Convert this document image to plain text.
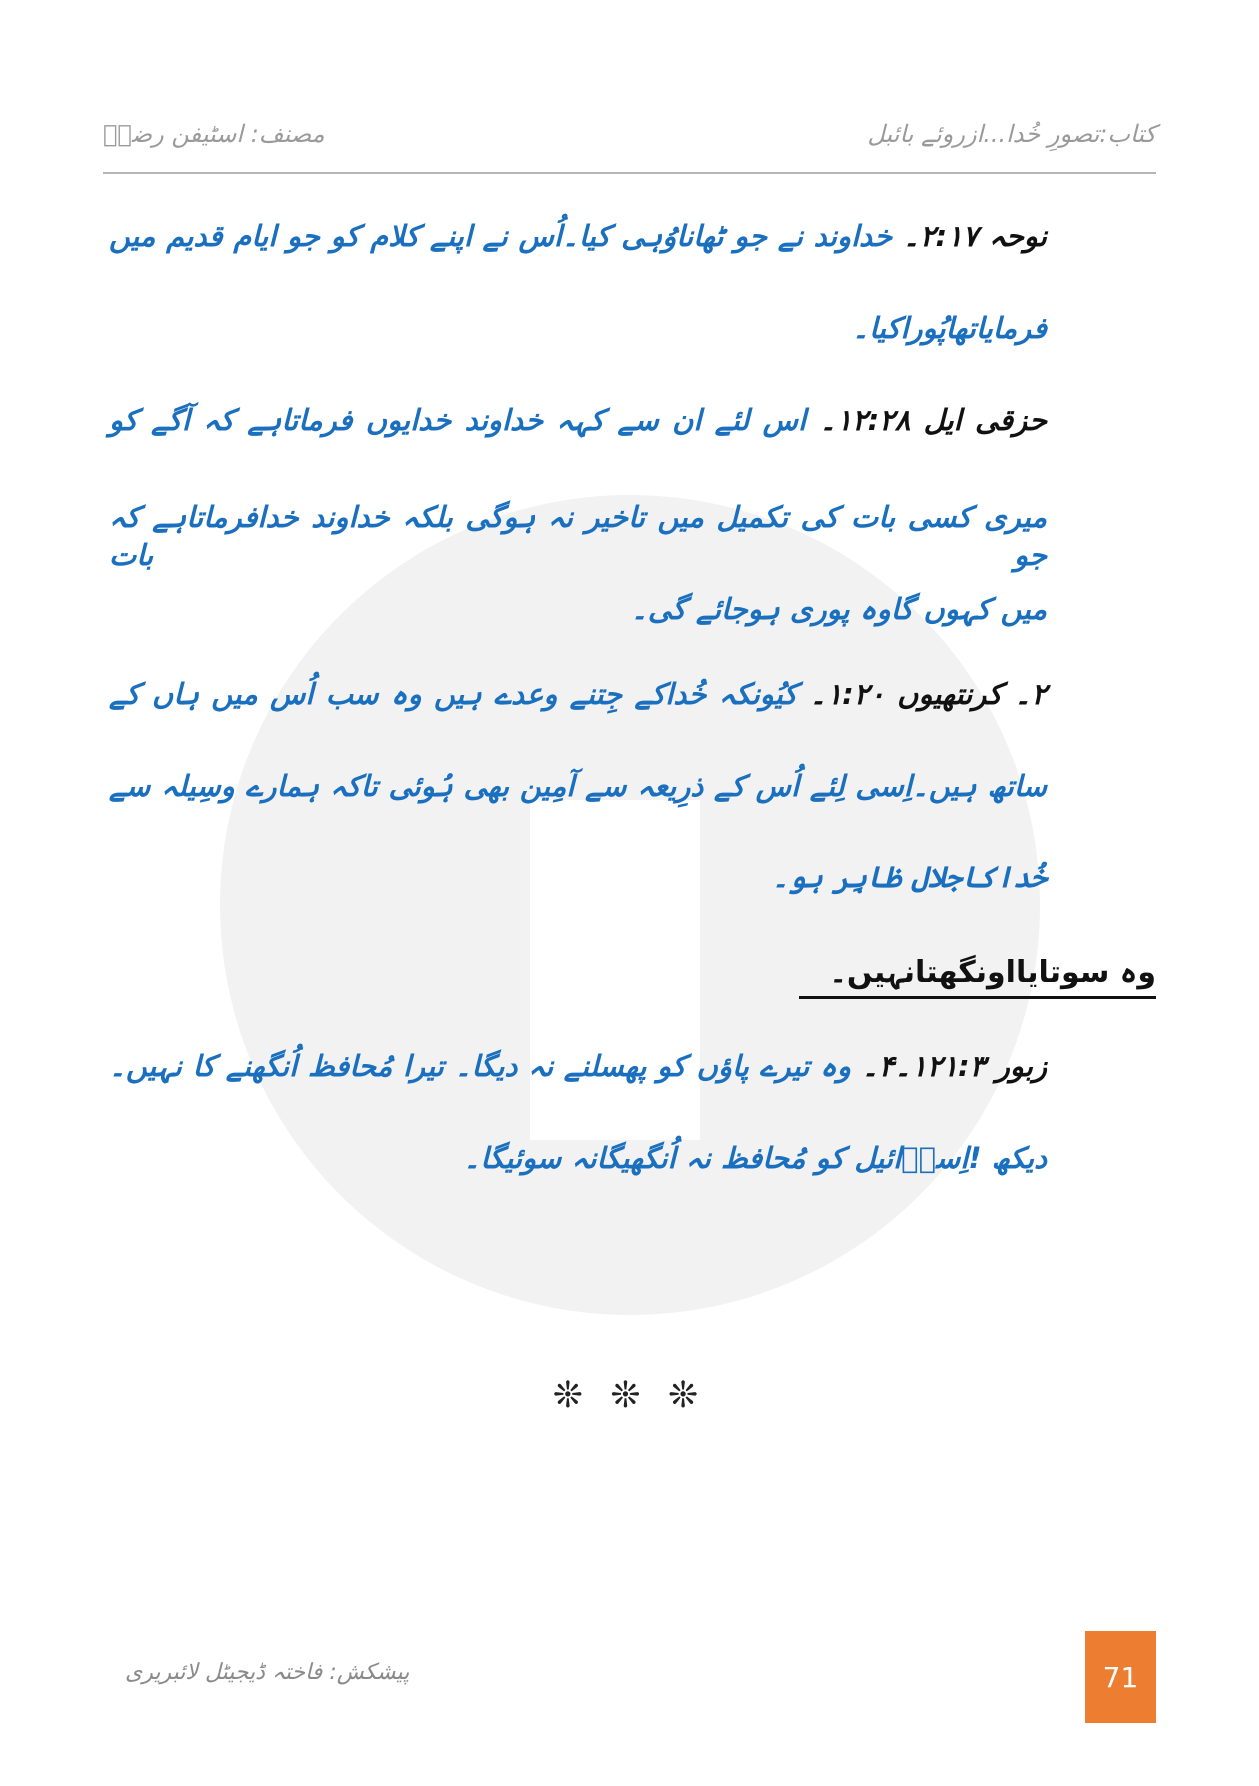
کتاب:تصورِ خُدا...ازروئے بائبل
مصنف: اسٹیفن رضاؔ
نوحہ ۲:۱۷۔ خداوند نے جو ٹھاناوُہی کیا۔اُس نے اپنے کلام کو جو ایام قدیم میں
فرمایاتھاپُوراکیا۔
حزقی ایل ۱۲:۲۸۔ اس لئے ان سے کہہ خداوند خدایوں فرماتاہے کہ آگے کو
میری کسی بات کی تکمیل میں تاخیر نہ ہوگی بلکہ خداوند خدافرماتاہے کہ جو بات
میں کہوں گاوہ پوری ہوجائے گی۔
۲۔ کرنتھیوں ۱:۲۰۔ کیُونکہ خُداکے جِتنے وعدے ہیں وہ سب اُس میں ہاں کے
ساتھ ہیں۔اِسی لِئے اُس کے ذرِیعہ سے آمِین بھی ہُوئی تاکہ ہمارے وسِیلہ سے
خُداکاجلال ظاہِر ہو۔
وہ سوتایااونگھتانہیں۔
زبور ۱۲۱:۳۔۴۔ وہ تیرے پاؤں کو پھسلنے نہ دیگا۔ تیرا مُحافظ اُنگھنے کا نہیں۔
دیکھ !اِسرؔائیل کو مُحافظ نہ اُنگھیگانہ سوئیگا۔
❊ ❊ ❊
پیشکش: فاختہ ڈیجیٹل لائبریری	71
